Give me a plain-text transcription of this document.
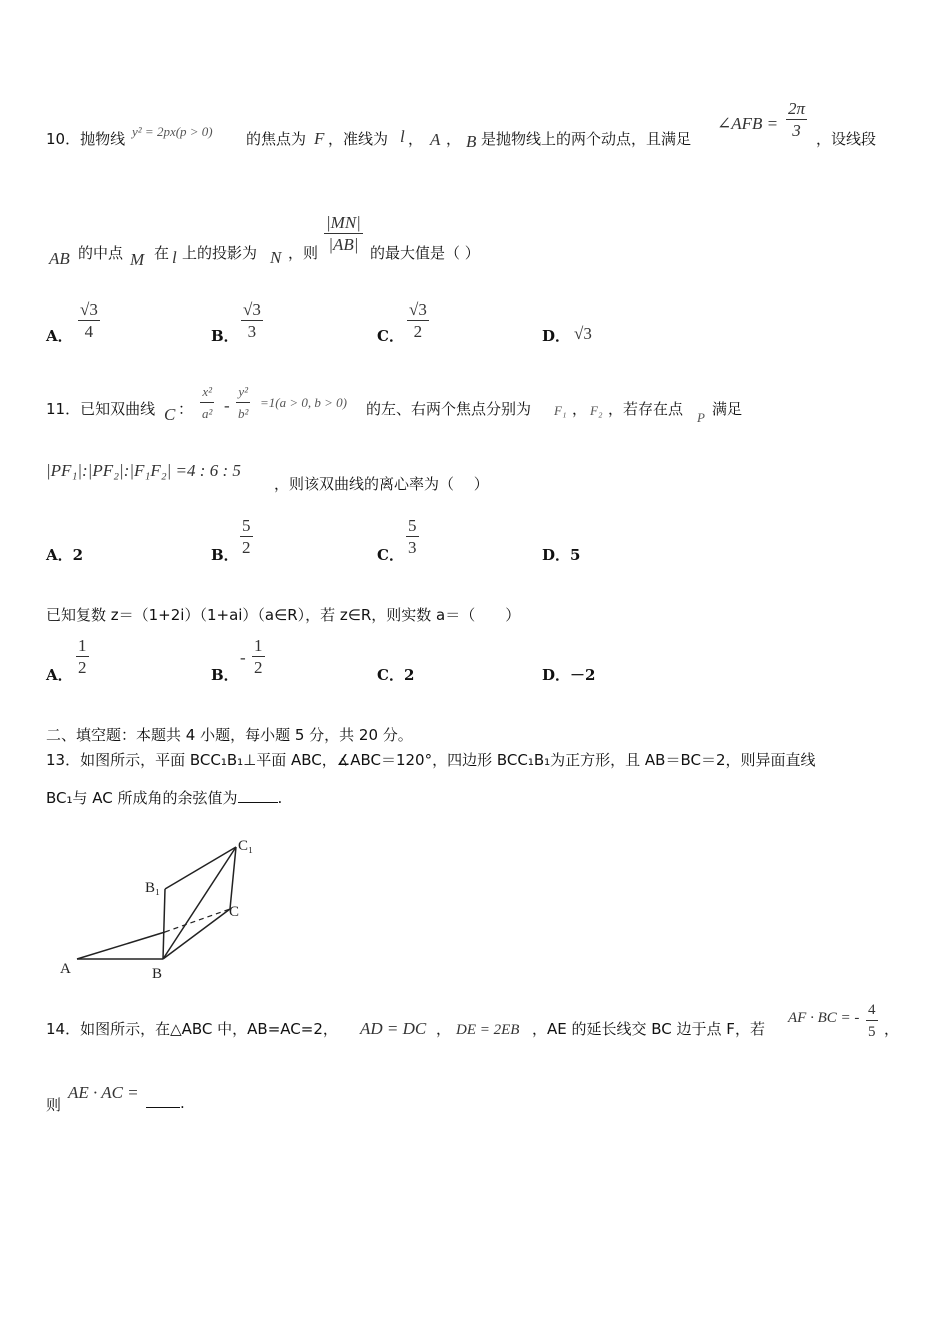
10．抛物线 y² = 2px(p > 0) 的焦点为 F ，准线为 l ， A ， B 是抛物线上的两个动点，且满足
∠AFB = $\frac{2\pi}{3}$ ，设线段
AB 的中点 M 在 l 上的投影为 N ，则 $\frac{|MN|}{|AB|}$ 的最大值是（ ）
A． $\frac{√3}{4}$	B． $\frac{√3}{3}$	C． $\frac{√3}{2}$	D． √3
11．已知双曲线 C ： $\frac{\text{x²}}{\text{a²}} - \frac{\text{y²}}{\text{b²}} =1(a > 0$, b > 0) 的左、右两个焦点分别为 F₁ ， F₂ ，若存在点 P 满足
|PF₁|:|PF₂|:|F₁F₂| =4 : 6 : 5
，则该双曲线的离心率为（　 ）
A．2	B． $\frac{5}{2}$	C． $\frac{5}{3}$	D．5
已知复数 z＝（1+2i）（1+ai）（a∈R），若 z∈R，则实数 a＝（　　）
A． $\frac{1}{2}$	B．
- $\frac{1}{2}$	C．2	D．－2
二、填空题：本题共 4 小题，每小题 5 分，共 20 分。
13．如图所示，平面 BCC₁B₁⊥平面 ABC，∡ABC＝120°，四边形 BCC₁B₁为正方形，且 AB＝BC＝2，则异面直线
BC₁与 AC 所成角的余弦值为	.
A	B
C
B₁
C₁
14．如图所示，在△ABC 中，AB=AC=2， AD = DC ， DE = 2EB ，AE 的延长线交 BC 边于点 F，若
AF · BC = - $\frac{4}{5}$ ，
则
AE · AC =
.
